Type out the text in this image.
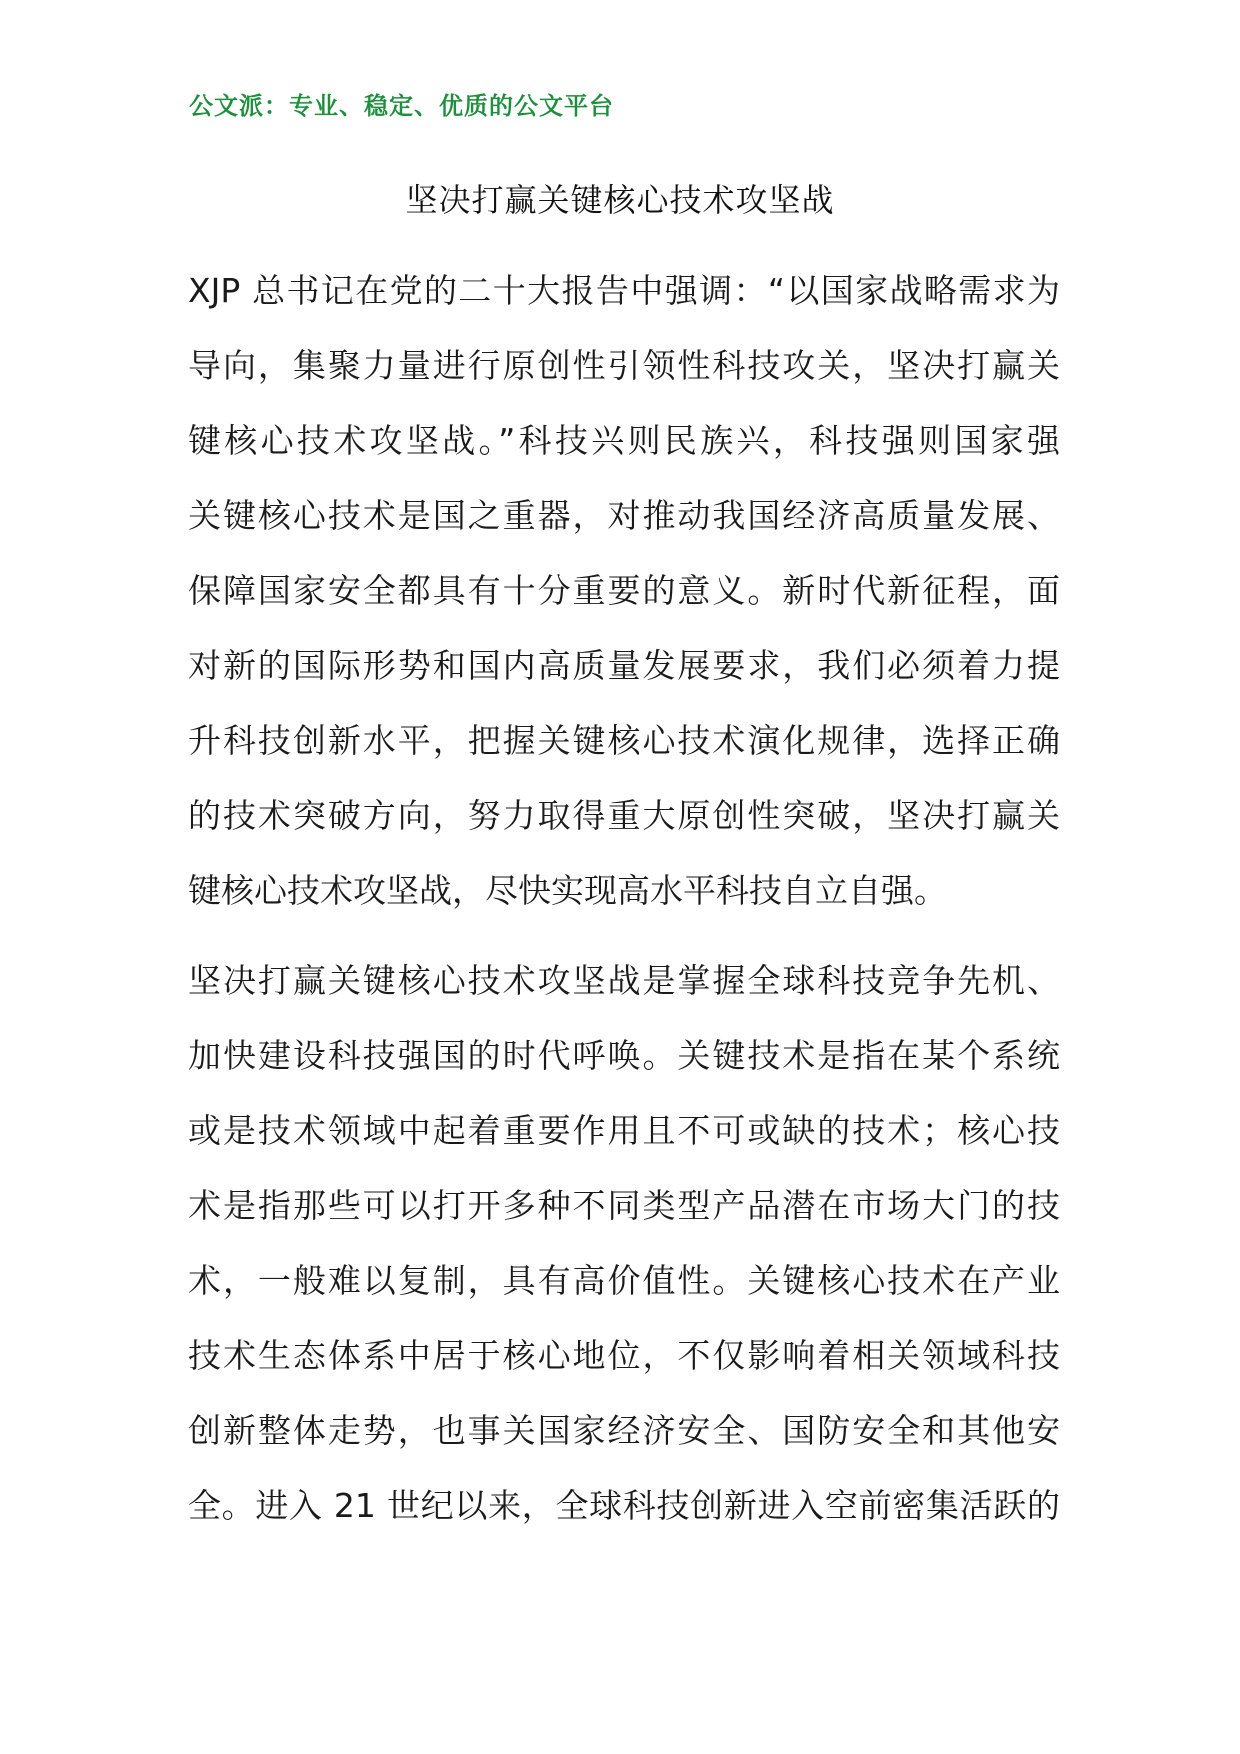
公文派：专业、稳定、优质的公文平台
坚决打赢关键核心技术攻坚战
XJP 总书记在党的二十大报告中强调：“以国家战略需求为
导向，集聚力量进行原创性引领性科技攻关，坚决打赢关
键核心技术攻坚战。”科技兴则民族兴，科技强则国家强
关键核心技术是国之重器，对推动我国经济高质量发展、
保障国家安全都具有十分重要的意义。新时代新征程，面
对新的国际形势和国内高质量发展要求，我们必须着力提
升科技创新水平，把握关键核心技术演化规律，选择正确
的技术突破方向，努力取得重大原创性突破，坚决打赢关
键核心技术攻坚战，尽快实现高水平科技自立自强。
坚决打赢关键核心技术攻坚战是掌握全球科技竞争先机、
加快建设科技强国的时代呼唤。关键技术是指在某个系统
或是技术领域中起着重要作用且不可或缺的技术；核心技
术是指那些可以打开多种不同类型产品潜在市场大门的技
术，一般难以复制，具有高价值性。关键核心技术在产业
技术生态体系中居于核心地位，不仅影响着相关领域科技
创新整体走势，也事关国家经济安全、国防安全和其他安
全。进入 21 世纪以来，全球科技创新进入空前密集活跃的
